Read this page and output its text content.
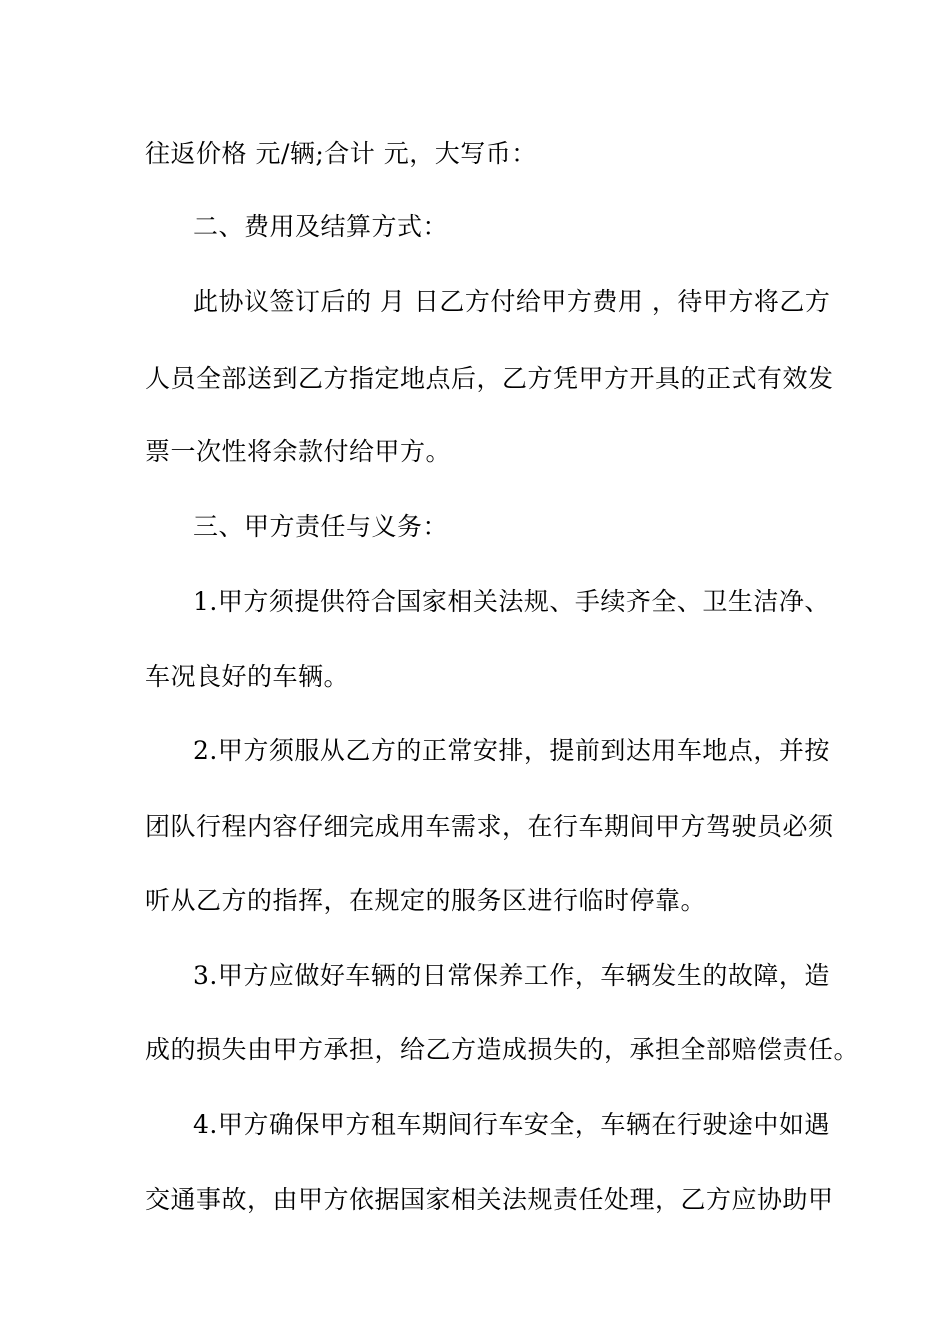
往返价格 元/辆;合计 元，大写币：
二、费用及结算方式：
此协议签订后的 月 日乙方付给甲方费用 ，待甲方将乙方
人员全部送到乙方指定地点后，乙方凭甲方开具的正式有效发
票一次性将余款付给甲方。
三、甲方责任与义务：
1.甲方须提供符合国家相关法规、手续齐全、卫生洁净、
车况良好的车辆。
2.甲方须服从乙方的正常安排，提前到达用车地点，并按
团队行程内容仔细完成用车需求，在行车期间甲方驾驶员必须
听从乙方的指挥，在规定的服务区进行临时停靠。
3.甲方应做好车辆的日常保养工作，车辆发生的故障，造
成的损失由甲方承担，给乙方造成损失的，承担全部赔偿责任。
4.甲方确保甲方租车期间行车安全，车辆在行驶途中如遇
交通事故，由甲方依据国家相关法规责任处理，乙方应协助甲
